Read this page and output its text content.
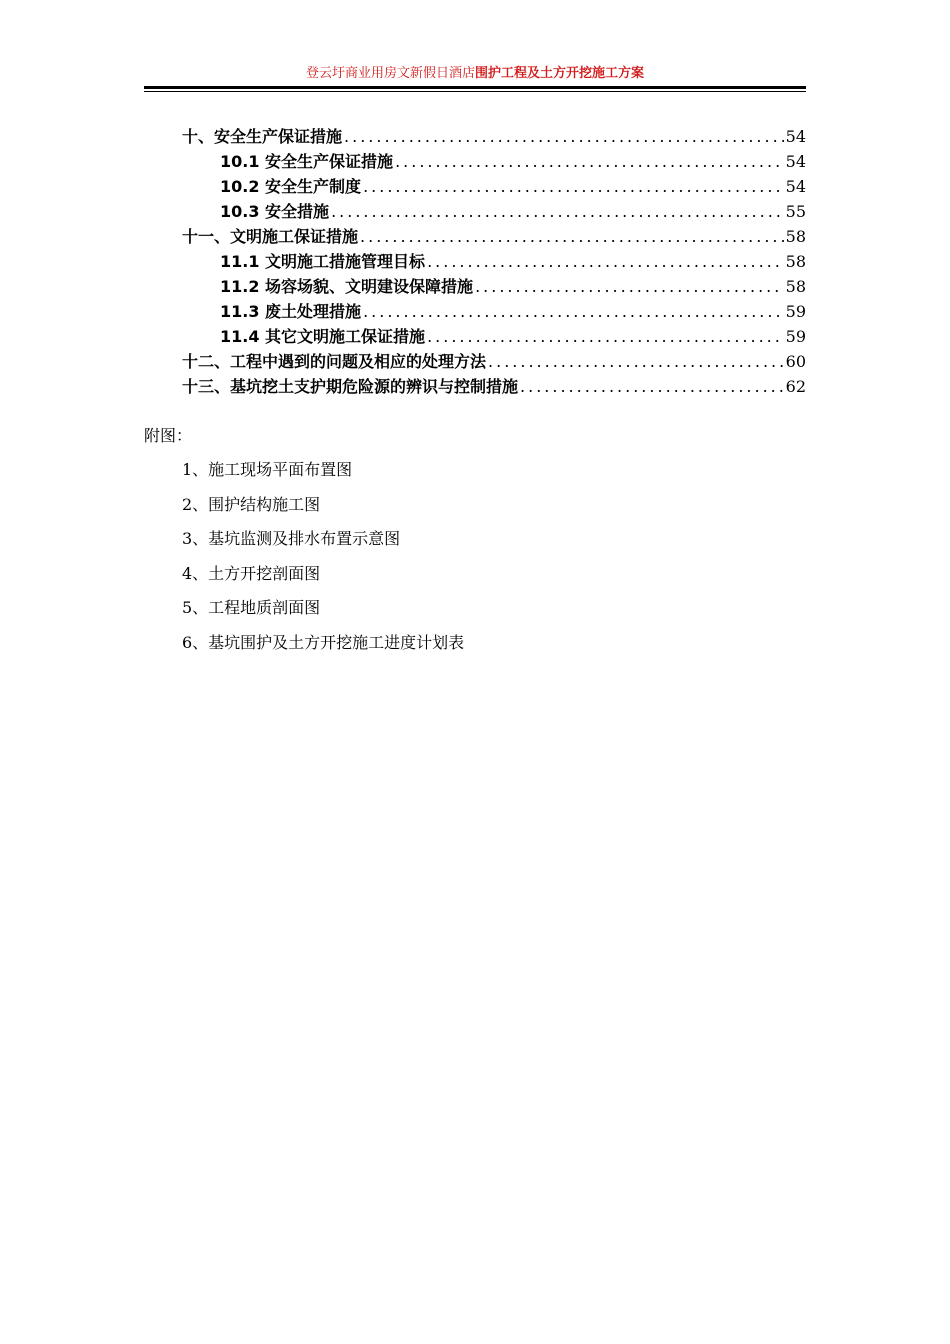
登云圩商业用房文新假日酒店围护工程及土方开挖施工方案
十、安全生产保证措施 .....	54
10.1 安全生产保证措施 .....	54
10.2 安全生产制度 .....	54
10.3 安全措施 .....	55
十一、文明施工保证措施 .....	58
11.1 文明施工措施管理目标 .....	58
11.2 场容场貌、文明建设保障措施 .....	58
11.3 废土处理措施 .....	59
11.4 其它文明施工保证措施 .....	59
十二、工程中遇到的问题及相应的处理方法 .....	60
十三、基坑挖土支护期危险源的辨识与控制措施 .....	62
附图：
1、施工现场平面布置图
2、围护结构施工图
3、基坑监测及排水布置示意图
4、土方开挖剖面图
5、工程地质剖面图
6、基坑围护及土方开挖施工进度计划表
